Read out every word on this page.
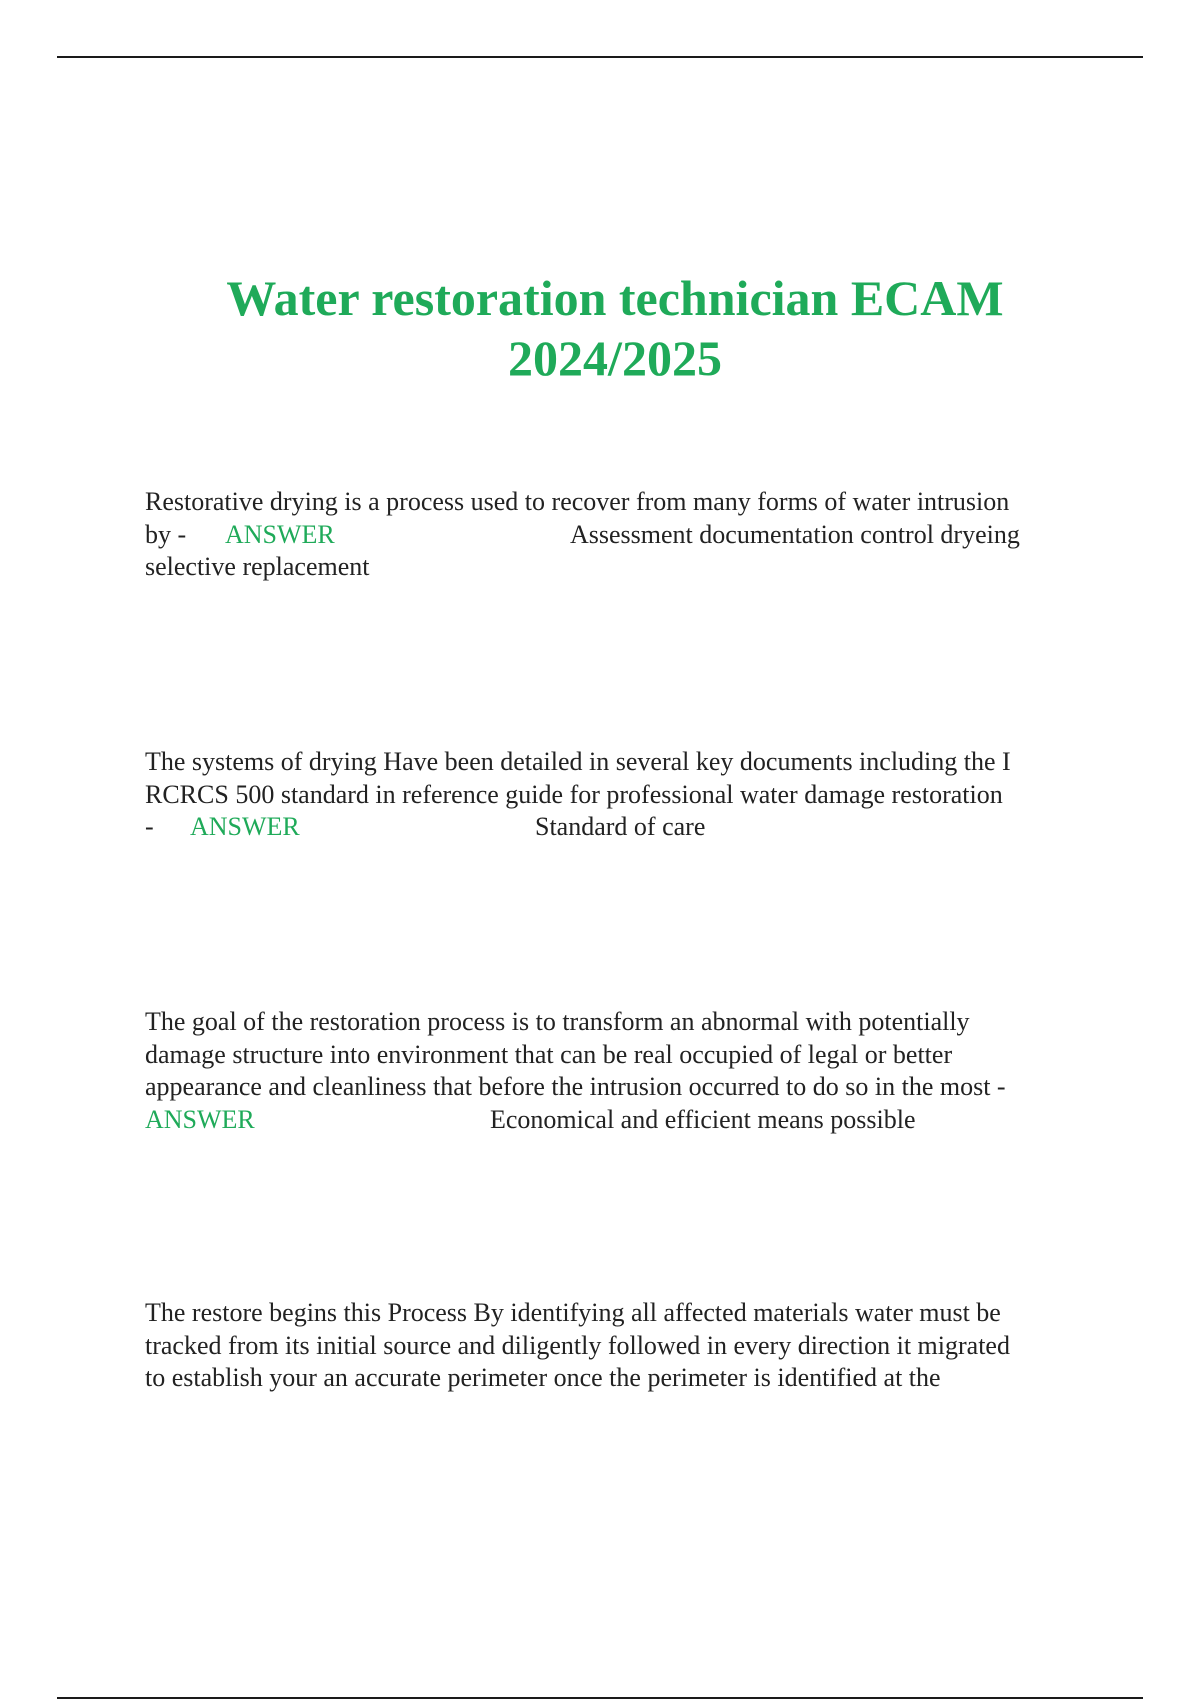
Water restoration technician ECAM
2024/2025
Restorative drying is a process used to recover from many forms of water intrusion
by - ANSWER	Assessment documentation control dryeing
selective replacement
The systems of drying Have been detailed in several key documents including the I
RCRCS 500 standard in reference guide for professional water damage restoration
- ANSWER	Standard of care
The goal of the restoration process is to transform an abnormal with potentially
damage structure into environment that can be real occupied of legal or better
appearance and cleanliness that before the intrusion occurred to do so in the most -
ANSWER	Economical and efficient means possible
The restore begins this Process By identifying all affected materials water must be
tracked from its initial source and diligently followed in every direction it migrated
to establish your an accurate perimeter once the perimeter is identified at the
